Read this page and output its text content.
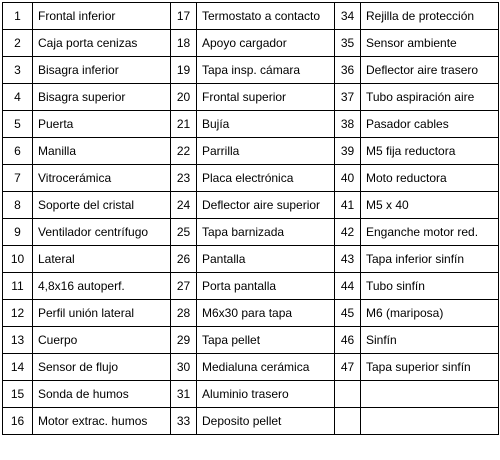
1	Frontal inferior	17	Termostato a contacto	34	Rejilla de protección
2	Caja porta cenizas	18	Apoyo cargador	35	Sensor ambiente
3	Bisagra inferior	19	Tapa insp. cámara	36	Deflector aire trasero
4	Bisagra superior	20	Frontal superior	37	Tubo aspiración aire
5	Puerta	21	Bujía	38	Pasador cables
6	Manilla	22	Parrilla	39	M5 fija reductora
7	Vitrocerámica	23	Placa electrónica	40	Moto reductora
8	Soporte del cristal	24	Deflector aire superior	41	M5 x 40
9	Ventilador centrífugo	25	Tapa barnizada	42	Enganche motor red.
10	Lateral	26	Pantalla	43	Tapa inferior sinfín
11	4,8x16 autoperf.	27	Porta pantalla	44	Tubo sinfín
12	Perfil unión lateral	28	M6x30 para tapa	45	M6 (mariposa)
13	Cuerpo	29	Tapa pellet	46	Sinfín
14	Sensor de flujo	30	Medialuna cerámica	47	Tapa superior sinfín
15	Sonda de humos	31	Aluminio trasero		
16	Motor extrac. humos	33	Deposito pellet		
